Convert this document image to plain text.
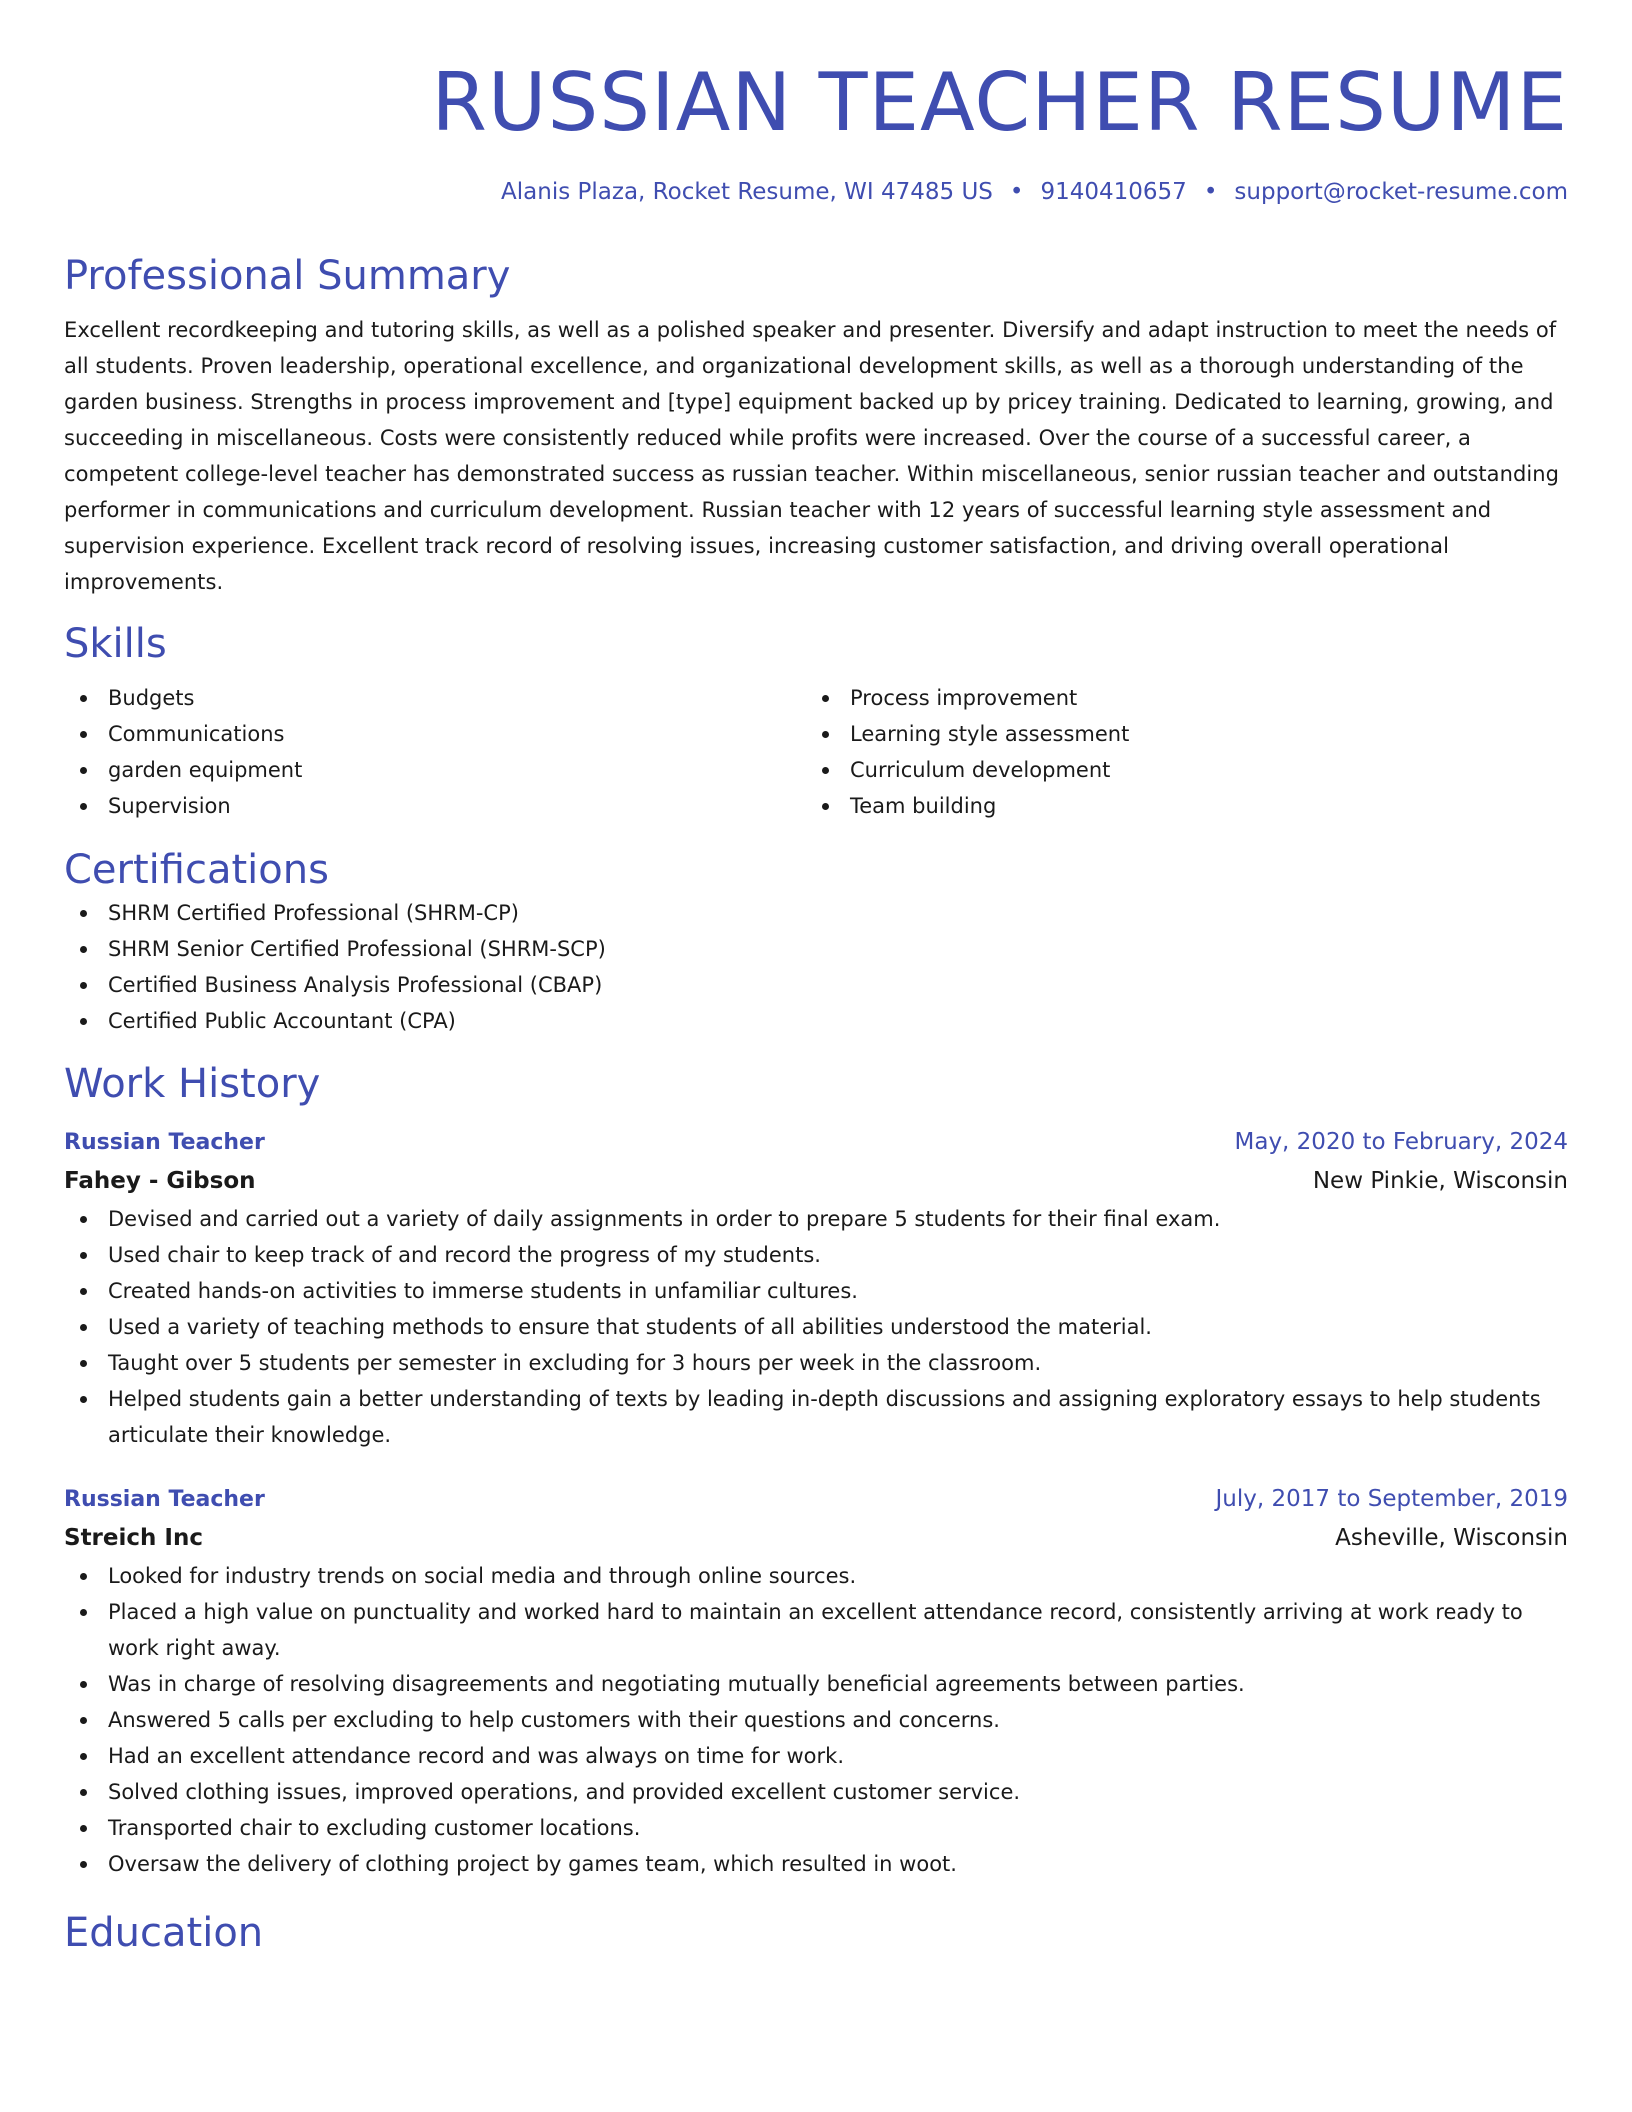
RUSSIAN TEACHER RESUME
Alanis Plaza, Rocket Resume, WI 47485 US • 9140410657 • support@rocket-resume.com
Professional Summary
Excellent recordkeeping and tutoring skills, as well as a polished speaker and presenter. Diversify and adapt instruction to meet the needs of all students. Proven leadership, operational excellence, and organizational development skills, as well as a thorough understanding of the garden business. Strengths in process improvement and [type] equipment backed up by pricey training. Dedicated to learning, growing, and succeeding in miscellaneous. Costs were consistently reduced while profits were increased. Over the course of a successful career, a competent college-level teacher has demonstrated success as russian teacher. Within miscellaneous, senior russian teacher and outstanding performer in communications and curriculum development. Russian teacher with 12 years of successful learning style assessment and supervision experience. Excellent track record of resolving issues, increasing customer satisfaction, and driving overall operational improvements.
Skills
Budgets
Communications
garden equipment
Supervision
Process improvement
Learning style assessment
Curriculum development
Team building
Certifications
SHRM Certified Professional (SHRM-CP)
SHRM Senior Certified Professional (SHRM-SCP)
Certified Business Analysis Professional (CBAP)
Certified Public Accountant (CPA)
Work History
Russian Teacher	May, 2020 to February, 2024
Fahey - Gibson	New Pinkie, Wisconsin
Devised and carried out a variety of daily assignments in order to prepare 5 students for their final exam.
Used chair to keep track of and record the progress of my students.
Created hands-on activities to immerse students in unfamiliar cultures.
Used a variety of teaching methods to ensure that students of all abilities understood the material.
Taught over 5 students per semester in excluding for 3 hours per week in the classroom.
Helped students gain a better understanding of texts by leading in-depth discussions and assigning exploratory essays to help students articulate their knowledge.
Russian Teacher	July, 2017 to September, 2019
Streich Inc	Asheville, Wisconsin
Looked for industry trends on social media and through online sources.
Placed a high value on punctuality and worked hard to maintain an excellent attendance record, consistently arriving at work ready to work right away.
Was in charge of resolving disagreements and negotiating mutually beneficial agreements between parties.
Answered 5 calls per excluding to help customers with their questions and concerns.
Had an excellent attendance record and was always on time for work.
Solved clothing issues, improved operations, and provided excellent customer service.
Transported chair to excluding customer locations.
Oversaw the delivery of clothing project by games team, which resulted in woot.
Education
